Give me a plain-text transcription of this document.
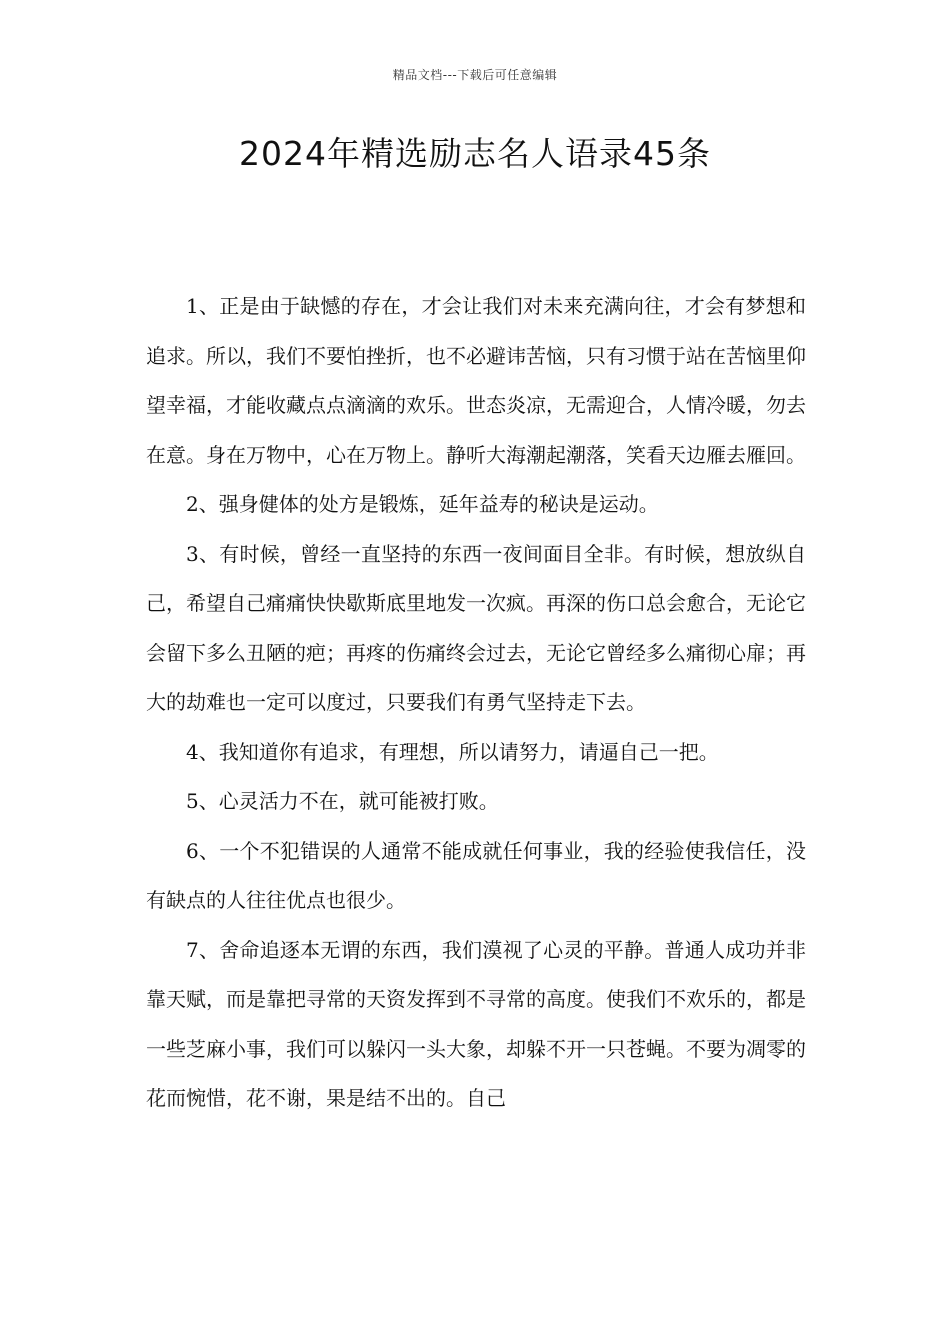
精品文档---下载后可任意编辑
2024年精选励志名人语录45条

1、正是由于缺憾的存在，才会让我们对未来充满向往，才会有梦想和追求。所以，我们不要怕挫折，也不必避讳苦恼，只有习惯于站在苦恼里仰望幸福，才能收藏点点滴滴的欢乐。世态炎凉，无需迎合，人情冷暖，勿去在意。身在万物中，心在万物上。静听大海潮起潮落，笑看天边雁去雁回。

2、强身健体的处方是锻炼，延年益寿的秘诀是运动。

3、有时候，曾经一直坚持的东西一夜间面目全非。有时候，想放纵自己，希望自己痛痛快快歇斯底里地发一次疯。再深的伤口总会愈合，无论它会留下多么丑陋的疤；再疼的伤痛终会过去，无论它曾经多么痛彻心扉；再大的劫难也一定可以度过，只要我们有勇气坚持走下去。

4、我知道你有追求，有理想，所以请努力，请逼自己一把。

5、心灵活力不在，就可能被打败。

6、一个不犯错误的人通常不能成就任何事业，我的经验使我信任，没有缺点的人往往优点也很少。

7、舍命追逐本无谓的东西，我们漠视了心灵的平静。普通人成功并非靠天赋，而是靠把寻常的天资发挥到不寻常的高度。使我们不欢乐的，都是一些芝麻小事，我们可以躲闪一头大象，却躲不开一只苍蝇。不要为凋零的花而惋惜，花不谢，果是结不出的。自己
